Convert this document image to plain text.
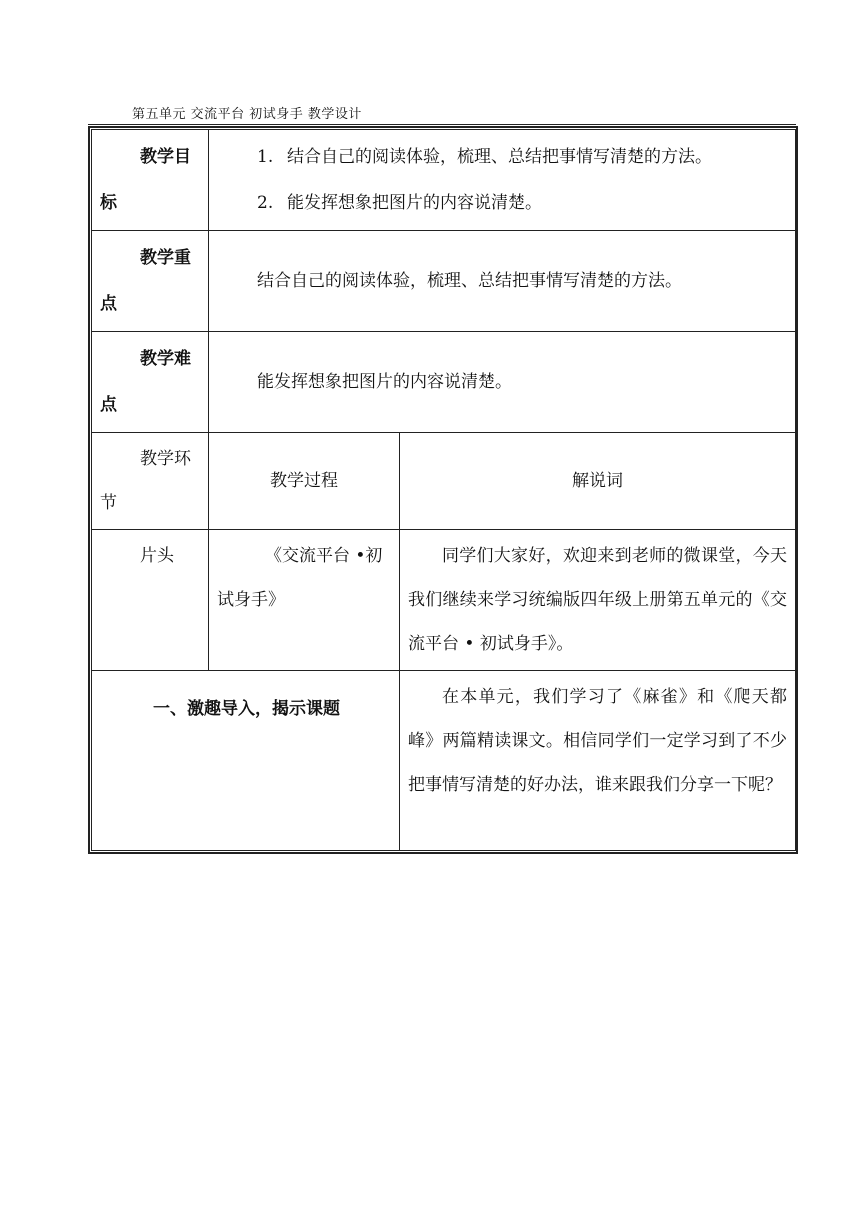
第五单元 交流平台 初试身手 教学设计
教学目
标	1. 结合自己的阅读体验，梳理、总结把事情写清楚的方法。
2. 能发挥想象把图片的内容说清楚。	

教学重
点	结合自己的阅读体验，梳理、总结把事情写清楚的方法。	

教学难
点	能发挥想象把图片的内容说清楚。	

教学环
节	教学过程	解说词
片头	《交流平台 •初试身手》	同学们大家好，欢迎来到老师的微课堂，今天我们继续来学习统编版四年级上册第五单元的《交流平台 • 初试身手》。
一、激趣导入，揭示课题		在本单元，我们学习了《麻雀》和《爬天都峰》两篇精读课文。相信同学们一定学习到了不少把事情写清楚的好办法，谁来跟我们分享一下呢？
